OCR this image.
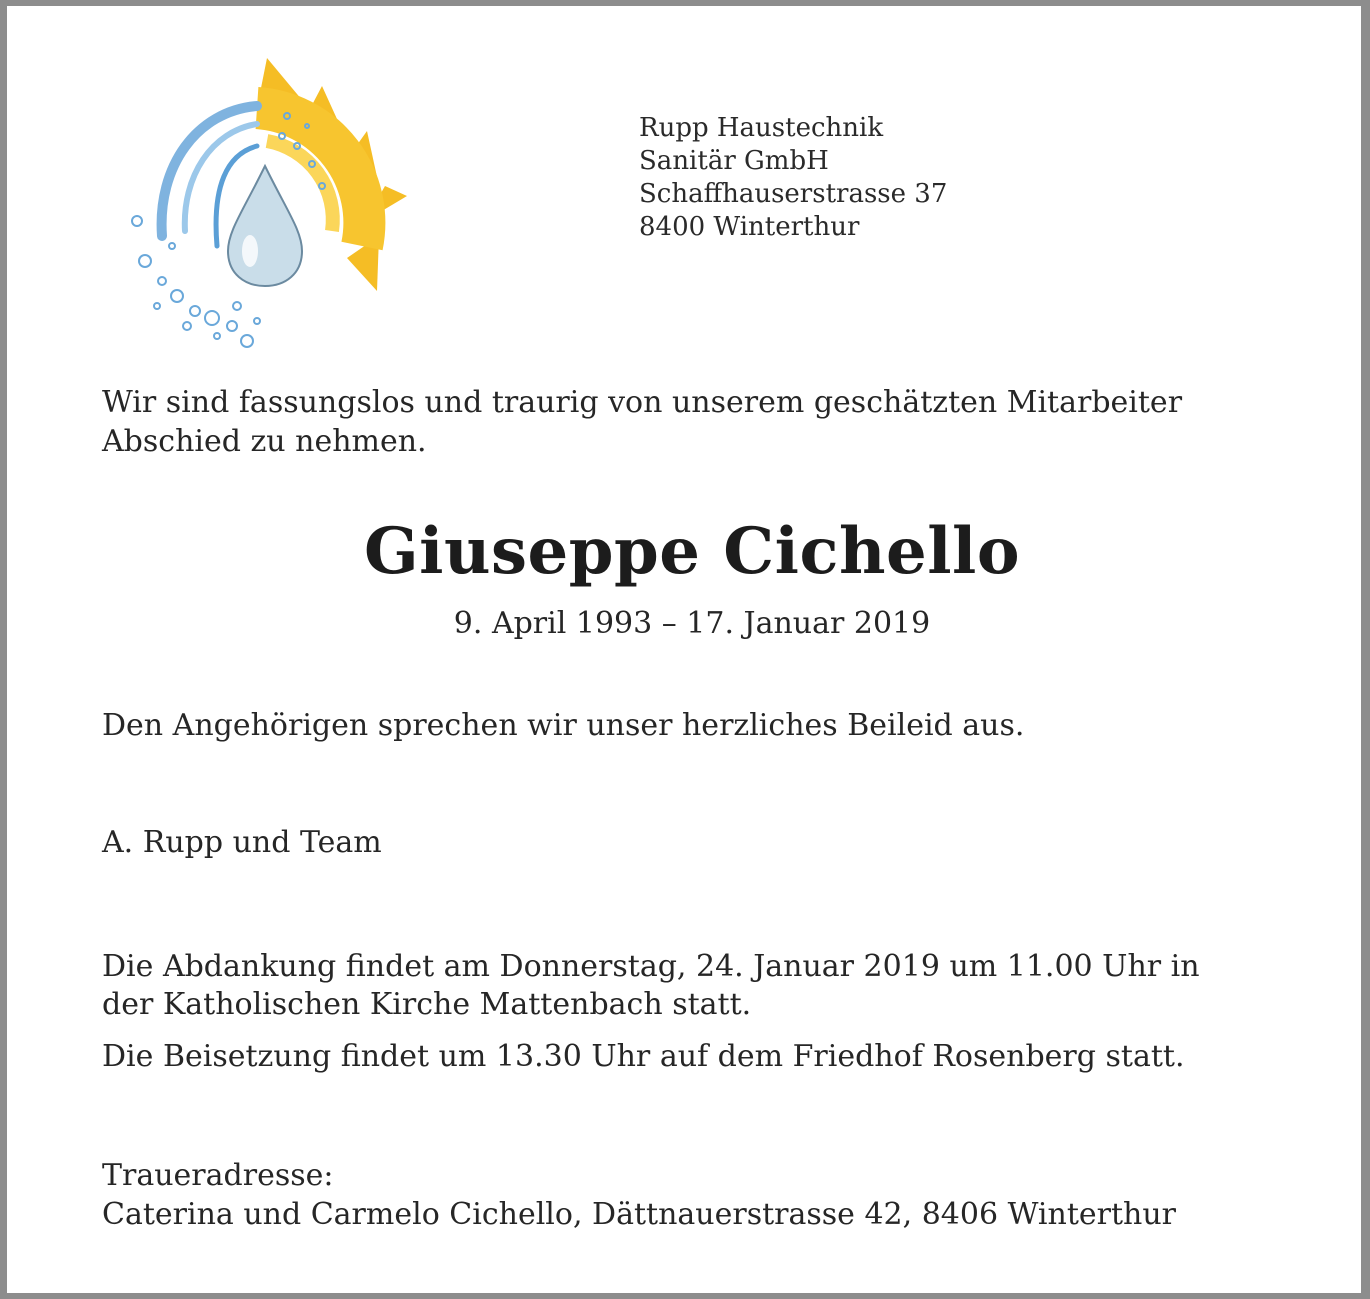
Rupp Haustechnik
Sanitär GmbH
Schaffhauserstrasse 37
8400 Winterthur
Wir sind fassungslos und traurig von unserem geschätzten Mitarbeiter
Abschied zu nehmen.
Giuseppe Cichello
9. April 1993 – 17. Januar 2019
Den Angehörigen sprechen wir unser herzliches Beileid aus.
A. Rupp und Team
Die Abdankung findet am Donnerstag, 24. Januar 2019 um 11.00 Uhr in
der Katholischen Kirche Mattenbach statt.
Die Beisetzung findet um 13.30 Uhr auf dem Friedhof Rosenberg statt.
Traueradresse:
Caterina und Carmelo Cichello, Dättnauerstrasse 42, 8406 Winterthur
